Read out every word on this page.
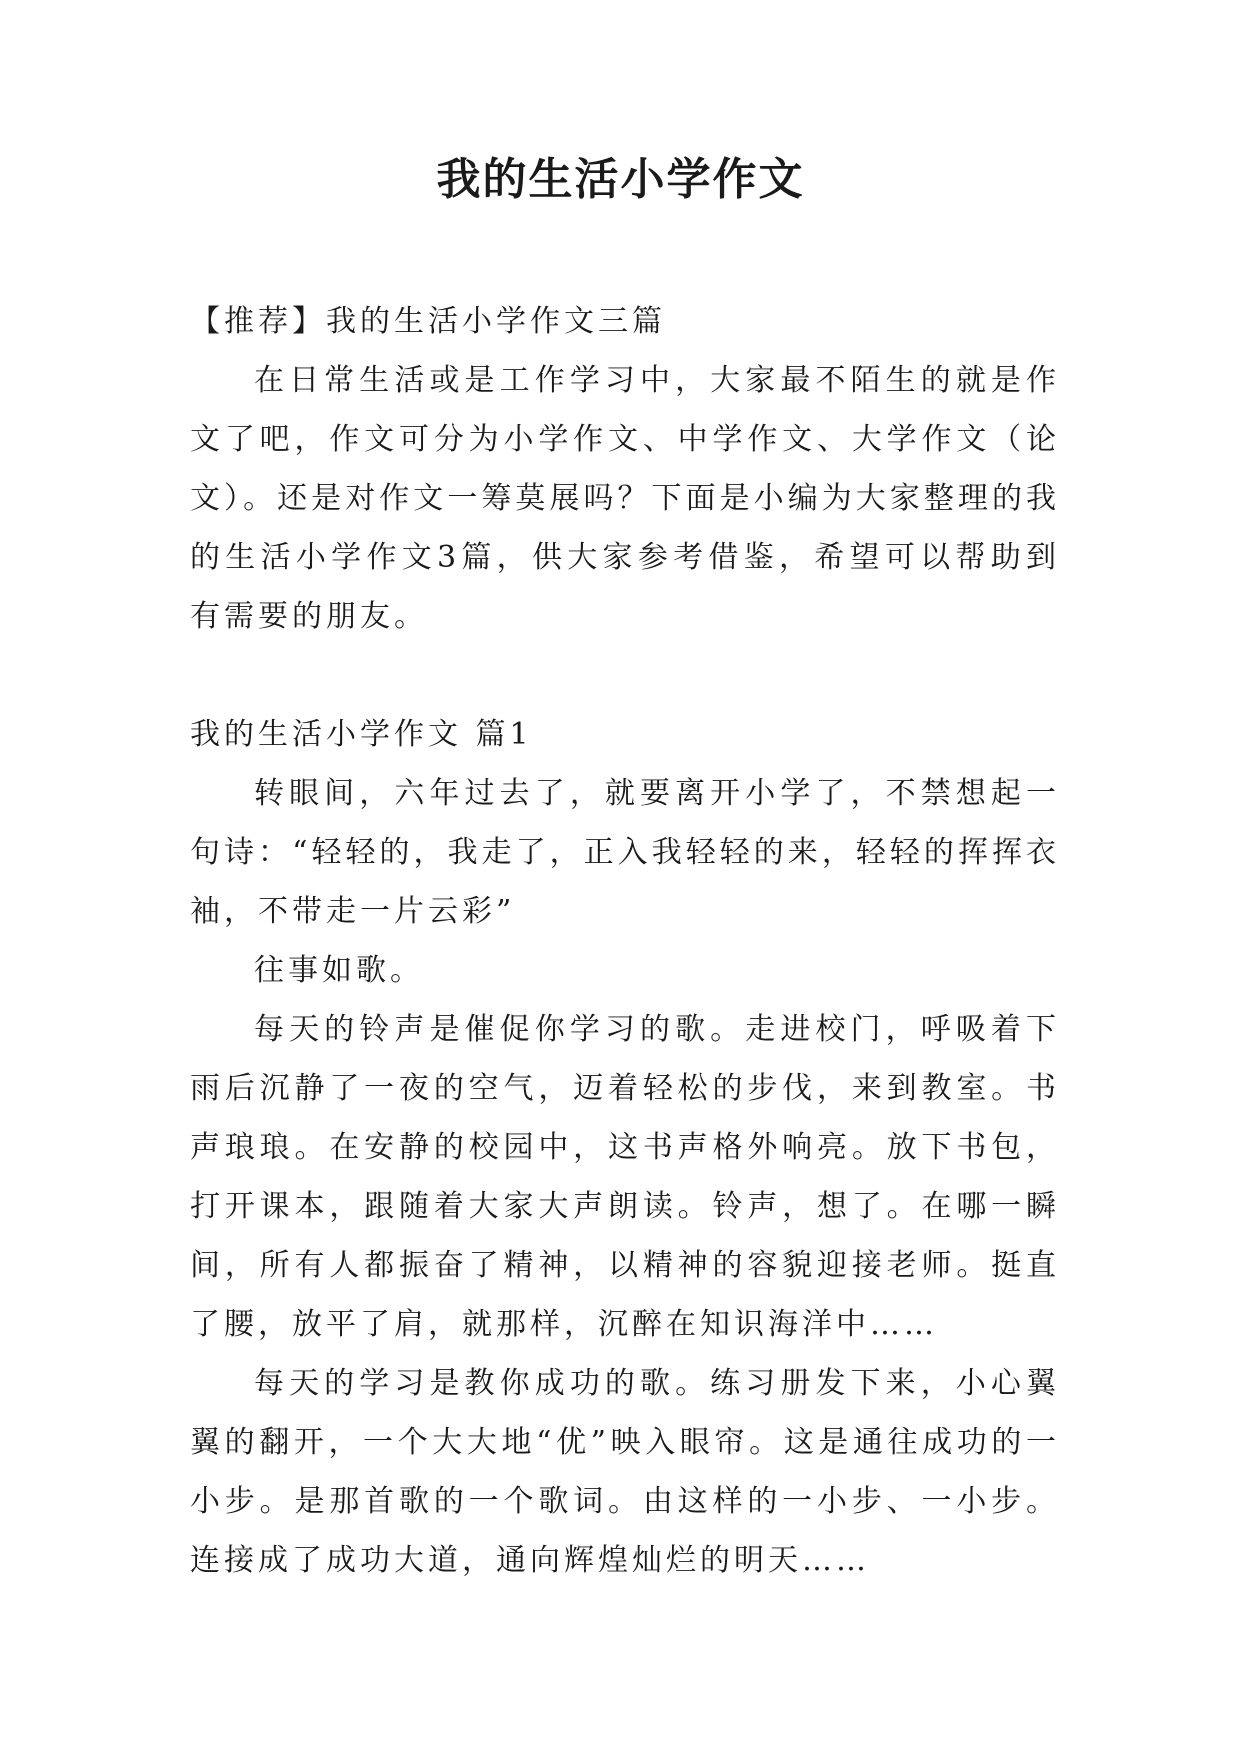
我的生活小学作文

【推荐】我的生活小学作文三篇

在日常生活或是工作学习中，大家最不陌生的就是作文了吧，作文可分为小学作文、中学作文、大学作文（论文）。还是对作文一筹莫展吗？下面是小编为大家整理的我的生活小学作文3篇，供大家参考借鉴，希望可以帮助到有需要的朋友。

我的生活小学作文 篇1

转眼间，六年过去了，就要离开小学了，不禁想起一句诗：“轻轻的，我走了，正入我轻轻的来，轻轻的挥挥衣袖，不带走一片云彩”

往事如歌。

每天的铃声是催促你学习的歌。走进校门，呼吸着下雨后沉静了一夜的空气，迈着轻松的步伐，来到教室。书声琅琅。在安静的校园中，这书声格外响亮。放下书包，打开课本，跟随着大家大声朗读。铃声，想了。在哪一瞬间，所有人都振奋了精神，以精神的容貌迎接老师。挺直了腰，放平了肩，就那样，沉醉在知识海洋中……

每天的学习是教你成功的歌。练习册发下来，小心翼翼的翻开，一个大大地“优”映入眼帘。这是通往成功的一小步。是那首歌的一个歌词。由这样的一小步、一小步。连接成了成功大道，通向辉煌灿烂的明天……
